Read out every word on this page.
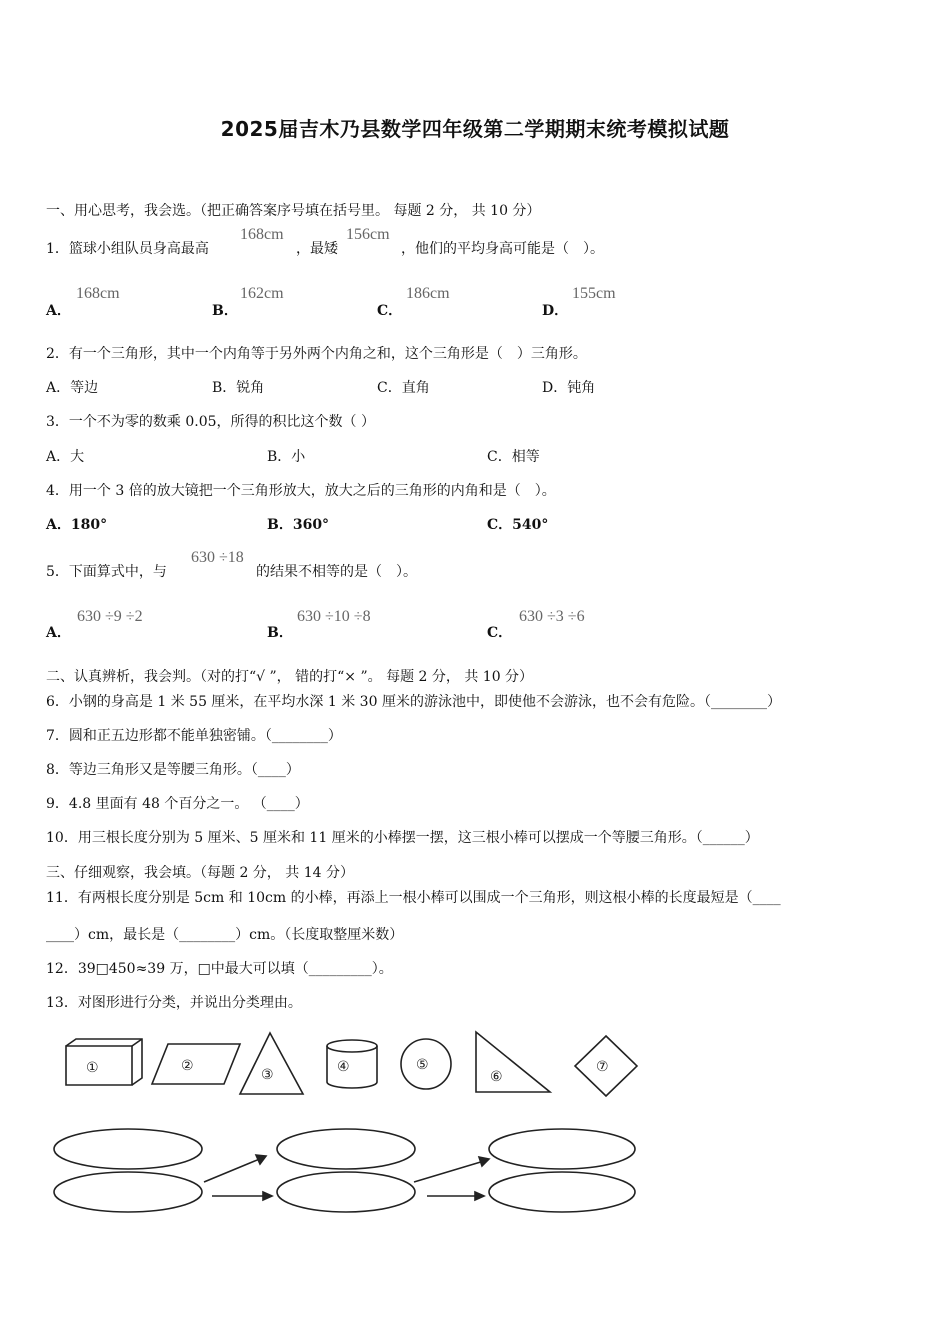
2025届吉木乃县数学四年级第二学期期末统考模拟试题
一、用心思考，我会选。（把正确答案序号填在括号里。 每题 2 分， 共 10 分）
1．篮球小组队员身高最高
168cm
，最矮
156cm
，他们的平均身高可能是（　）。
A．
168cm
B．
162cm
C．
186cm
D．
155cm
2．有一个三角形，其中一个内角等于另外两个内角之和，这个三角形是（　）三角形。
A．等边	B．锐角	C．直角	D．钝角
3．一个不为零的数乘 0.05，所得的积比这个数（ ）
A．大	B．小	C．相等
4．用一个 3 倍的放大镜把一个三角形放大，放大之后的三角形的内角和是（　）。
A．180°	B．360°	C．540°
5．下面算式中，与
630 ÷18
的结果不相等的是（　）。
A．
630 ÷9 ÷2
B．
630 ÷10 ÷8
C．
630 ÷3 ÷6
二、认真辨析，我会判。（对的打“√ ”， 错的打“× ”。 每题 2 分， 共 10 分）
6．小钢的身高是 1 米 55 厘米，在平均水深 1 米 30 厘米的游泳池中，即使他不会游泳，也不会有危险。（________）
7．圆和正五边形都不能单独密铺。（________）
8．等边三角形又是等腰三角形。（____）
9．4.8 里面有 48 个百分之一。 （____）
10．用三根长度分别为 5 厘米、5 厘米和 11 厘米的小棒摆一摆，这三根小棒可以摆成一个等腰三角形。（______）
三、仔细观察，我会填。（每题 2 分， 共 14 分）
11．有两根长度分别是 5cm 和 10cm 的小棒，再添上一根小棒可以围成一个三角形，则这根小棒的长度最短是（____
____）cm，最长是（________）cm。（长度取整厘米数）
12．39□450≈39 万，□中最大可以填（_________）。
13．对图形进行分类，并说出分类理由。
①	②
③	④	⑤
⑥
⑦
